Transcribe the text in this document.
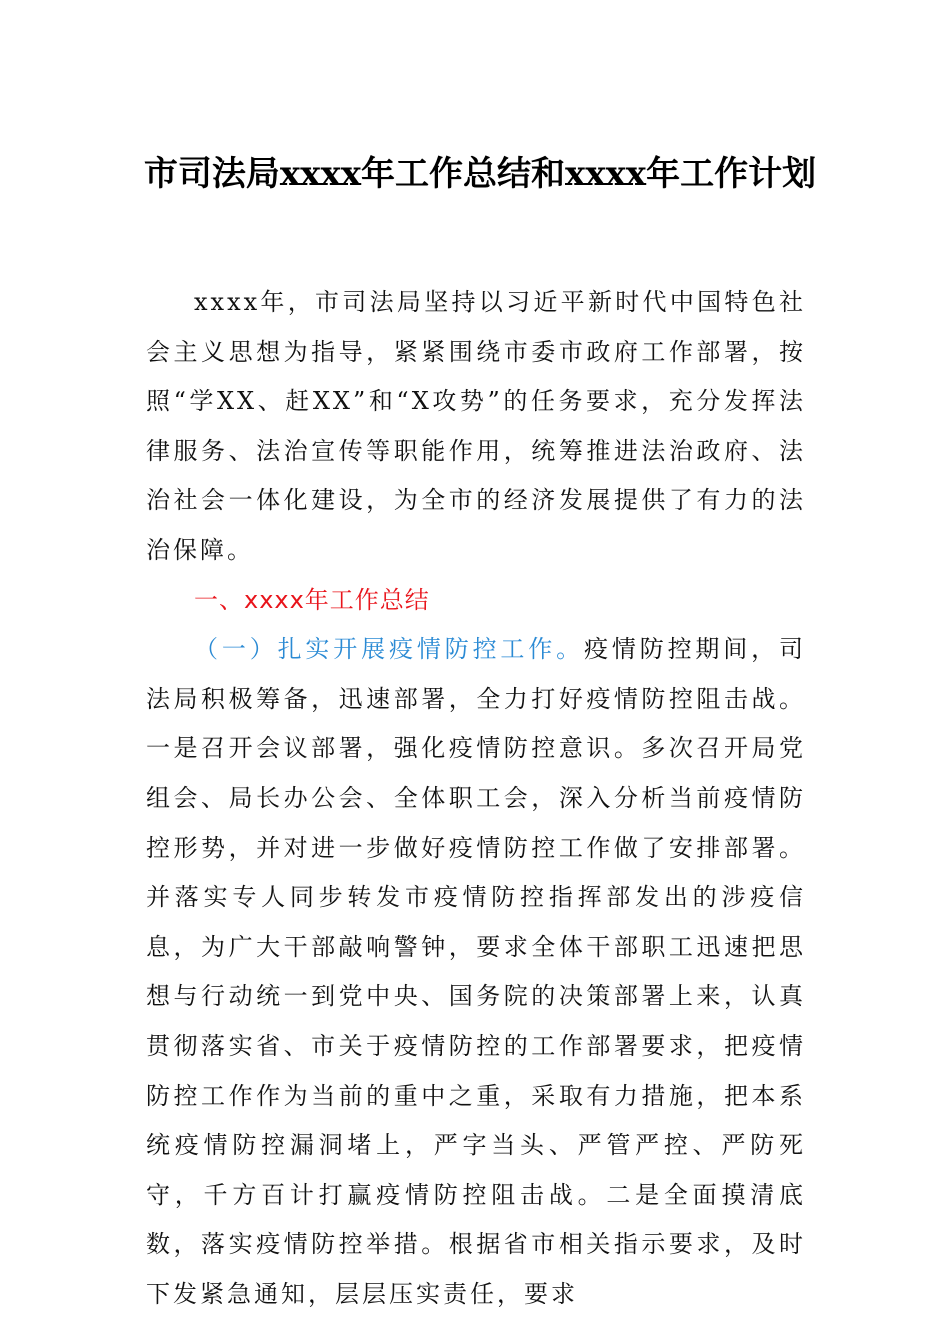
市司法局xxxx年工作总结和xxxx年工作计划

xxxx年，市司法局坚持以习近平新时代中国特色社会主义思想为指导，紧紧围绕市委市政府工作部署，按照“学XX、赶XX”和“X攻势”的任务要求，充分发挥法律服务、法治宣传等职能作用，统筹推进法治政府、法治社会一体化建设，为全市的经济发展提供了有力的法治保障。

一、xxxx年工作总结

（一）扎实开展疫情防控工作。疫情防控期间，司法局积极筹备，迅速部署，全力打好疫情防控阻击战。一是召开会议部署，强化疫情防控意识。多次召开局党组会、局长办公会、全体职工会，深入分析当前疫情防控形势，并对进一步做好疫情防控工作做了安排部署。并落实专人同步转发市疫情防控指挥部发出的涉疫信息，为广大干部敲响警钟，要求全体干部职工迅速把思想与行动统一到党中央、国务院的决策部署上来，认真贯彻落实省、市关于疫情防控的工作部署要求，把疫情防控工作作为当前的重中之重，采取有力措施，把本系统疫情防控漏洞堵上，严字当头、严管严控、严防死守，千方百计打赢疫情防控阻击战。二是全面摸清底数，落实疫情防控举措。根据省市相关指示要求，及时下发紧急通知，层层压实责任，要求
